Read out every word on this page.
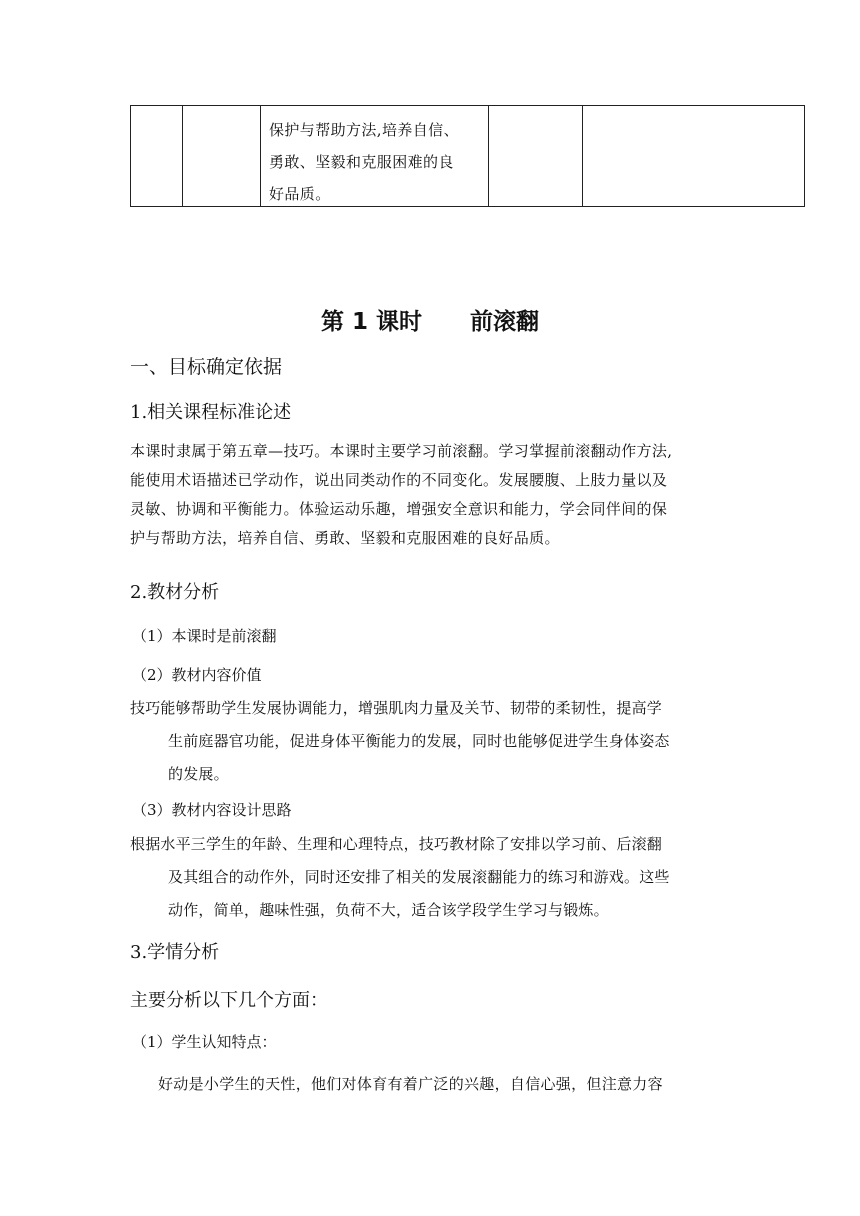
保护与帮助方法,培养自信、
勇敢、坚毅和克服困难的良
好品质。
第 1 课时      前滚翻
一、目标确定依据
1.相关课程标准论述
本课时隶属于第五章—技巧。本课时主要学习前滚翻。学习掌握前滚翻动作方法,
能使用术语描述已学动作，说出同类动作的不同变化。发展腰腹、上肢力量以及
灵敏、协调和平衡能力。体验运动乐趣，增强安全意识和能力，学会同伴间的保
护与帮助方法，培养自信、勇敢、坚毅和克服困难的良好品质。
2.教材分析
（1）本课时是前滚翻
（2）教材内容价值
技巧能够帮助学生发展协调能力，增强肌肉力量及关节、韧带的柔韧性，提高学
生前庭器官功能，促进身体平衡能力的发展，同时也能够促进学生身体姿态
的发展。
（3）教材内容设计思路
根据水平三学生的年龄、生理和心理特点，技巧教材除了安排以学习前、后滚翻
及其组合的动作外，同时还安排了相关的发展滚翻能力的练习和游戏。这些
动作，简单，趣味性强，负荷不大，适合该学段学生学习与锻炼。
3.学情分析
主要分析以下几个方面：
（1）学生认知特点：
好动是小学生的天性，他们对体育有着广泛的兴趣，自信心强，但注意力容
